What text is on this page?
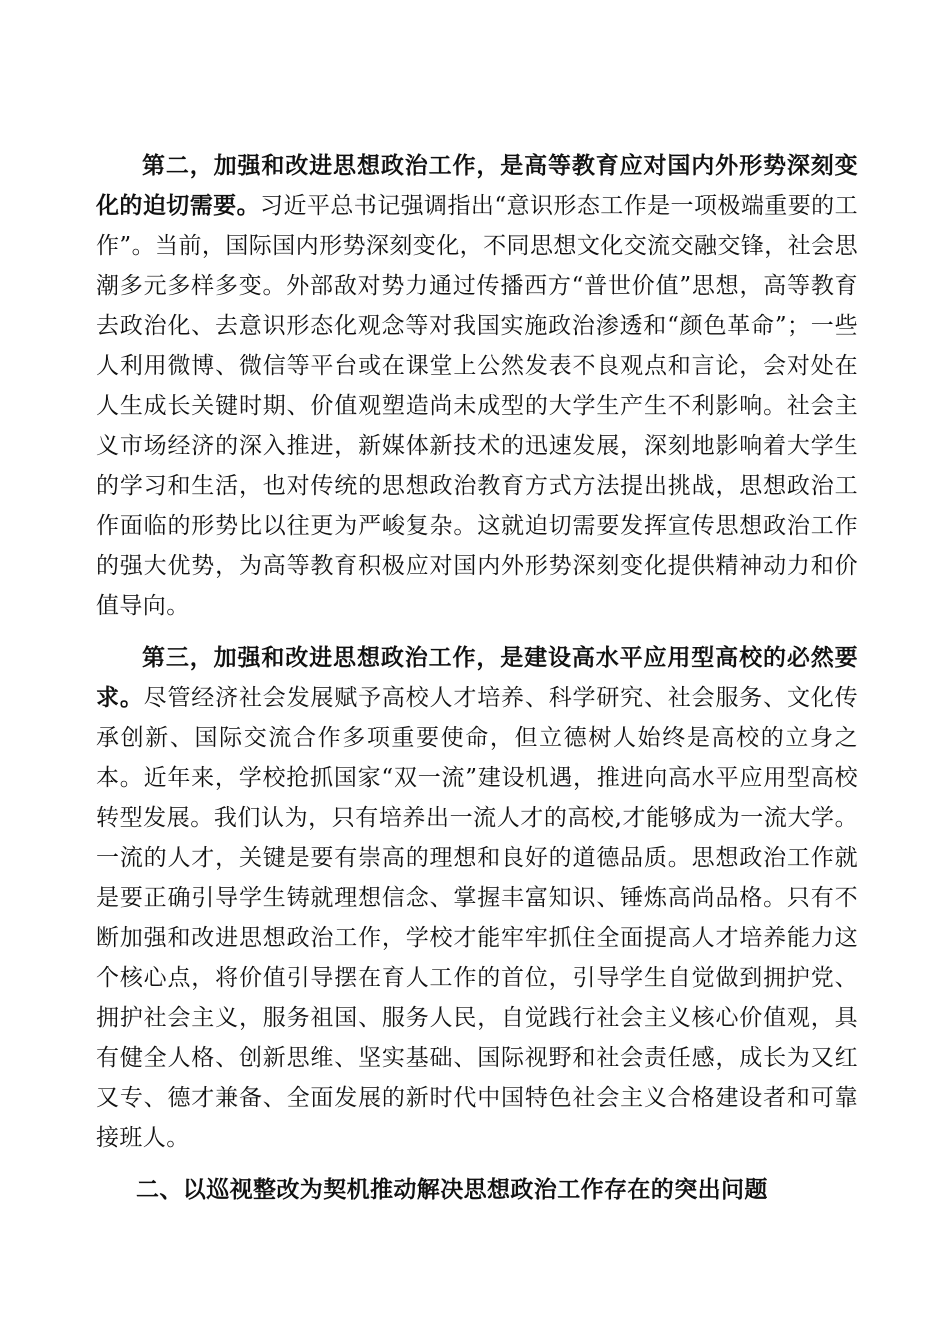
第二，加强和改进思想政治工作，是高等教育应对国内外形势深刻变化的迫切需要。习近平总书记强调指出“意识形态工作是一项极端重要的工作”。当前，国际国内形势深刻变化，不同思想文化交流交融交锋，社会思潮多元多样多变。外部敌对势力通过传播西方“普世价值”思想，高等教育去政治化、去意识形态化观念等对我国实施政治渗透和“颜色革命”；一些人利用微博、微信等平台或在课堂上公然发表不良观点和言论，会对处在人生成长关键时期、价值观塑造尚未成型的大学生产生不利影响。社会主义市场经济的深入推进，新媒体新技术的迅速发展，深刻地影响着大学生的学习和生活，也对传统的思想政治教育方式方法提出挑战，思想政治工作面临的形势比以往更为严峻复杂。这就迫切需要发挥宣传思想政治工作的强大优势，为高等教育积极应对国内外形势深刻变化提供精神动力和价值导向。

第三，加强和改进思想政治工作，是建设高水平应用型高校的必然要求。尽管经济社会发展赋予高校人才培养、科学研究、社会服务、文化传承创新、国际交流合作多项重要使命，但立德树人始终是高校的立身之本。近年来，学校抢抓国家“双一流”建设机遇，推进向高水平应用型高校转型发展。我们认为，只有培养出一流人才的高校,才能够成为一流大学。一流的人才，关键是要有崇高的理想和良好的道德品质。思想政治工作就是要正确引导学生铸就理想信念、掌握丰富知识、锤炼高尚品格。只有不断加强和改进思想政治工作，学校才能牢牢抓住全面提高人才培养能力这个核心点，将价值引导摆在育人工作的首位，引导学生自觉做到拥护党、拥护社会主义，服务祖国、服务人民，自觉践行社会主义核心价值观，具有健全人格、创新思维、坚实基础、国际视野和社会责任感，成长为又红又专、德才兼备、全面发展的新时代中国特色社会主义合格建设者和可靠接班人。

二、以巡视整改为契机推动解决思想政治工作存在的突出问题
